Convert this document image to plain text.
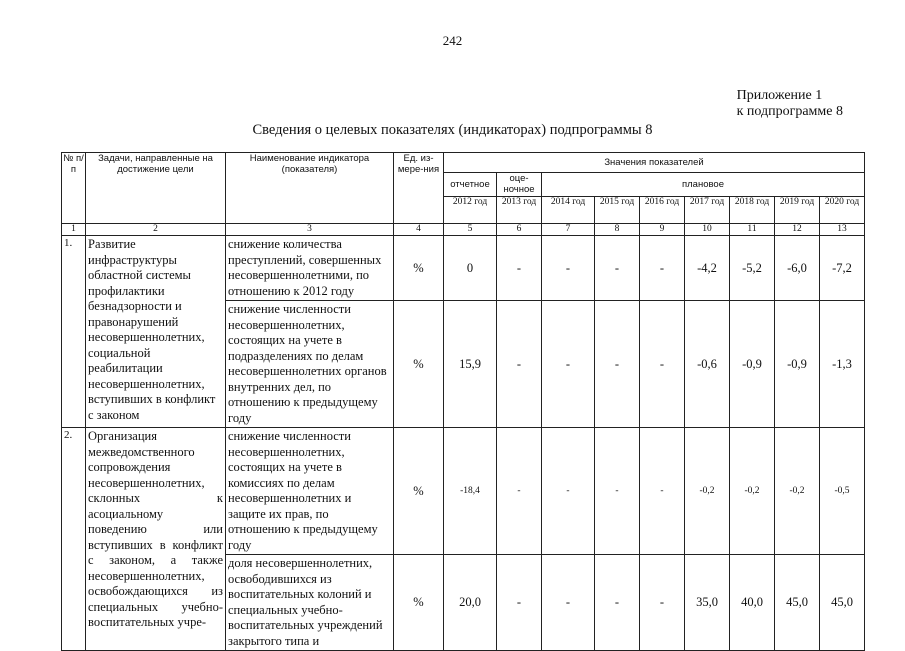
242
Приложение 1
к подпрограмме 8
Сведения о целевых показателях (индикаторах) подпрограммы 8
№ п/п	Задачи, направленные на достижение цели	Наименование индикатора (показателя)	Ед. из-мере-ния	Значения показателей								
				отчетное	оце-ночное	плановое						
				2012 год	2013 год	2014 год	2015 год	2016 год	2017 год	2018 год	2019 год	2020 год
1	2	3	4	5	6	7	8	9	10	11	12	13
1.	Развитие инфраструктуры областной системы профилактики безнадзорности и правонарушений несовершеннолетних, социальной реабилитации несовершеннолетних, вступивших в конфликт с законом	снижение количества преступлений, совершенных несовершеннолетними, по отношению к 2012 году	%	0	-	-	-	-	-4,2	-5,2	-6,0	-7,2
		снижение численности несовершеннолетних, состоящих на учете в подразделениях по делам несовершеннолетних органов внутренних дел, по отношению к предыдущему году	%	15,9	-	-	-	-	-0,6	-0,9	-0,9	-1,3
2.	Организация межведомственного сопровождения несовершеннолетних, склонных к асоциальному поведению или вступивших в конфликт с законом, а также несовершеннолетних, освобождающихся из специальных учебно-воспитательных учре-	снижение численности несовершеннолетних, состоящих на учете в комиссиях по делам несовершеннолетних и защите их прав, по отношению к предыдущему году	%	-18,4	-	-	-	-	-0,2	-0,2	-0,2	-0,5
		доля несовершеннолетних, освободившихся из воспитательных колоний и специальных учебно-воспитательных учреждений закрытого типа и	%	20,0	-	-	-	-	35,0	40,0	45,0	45,0
